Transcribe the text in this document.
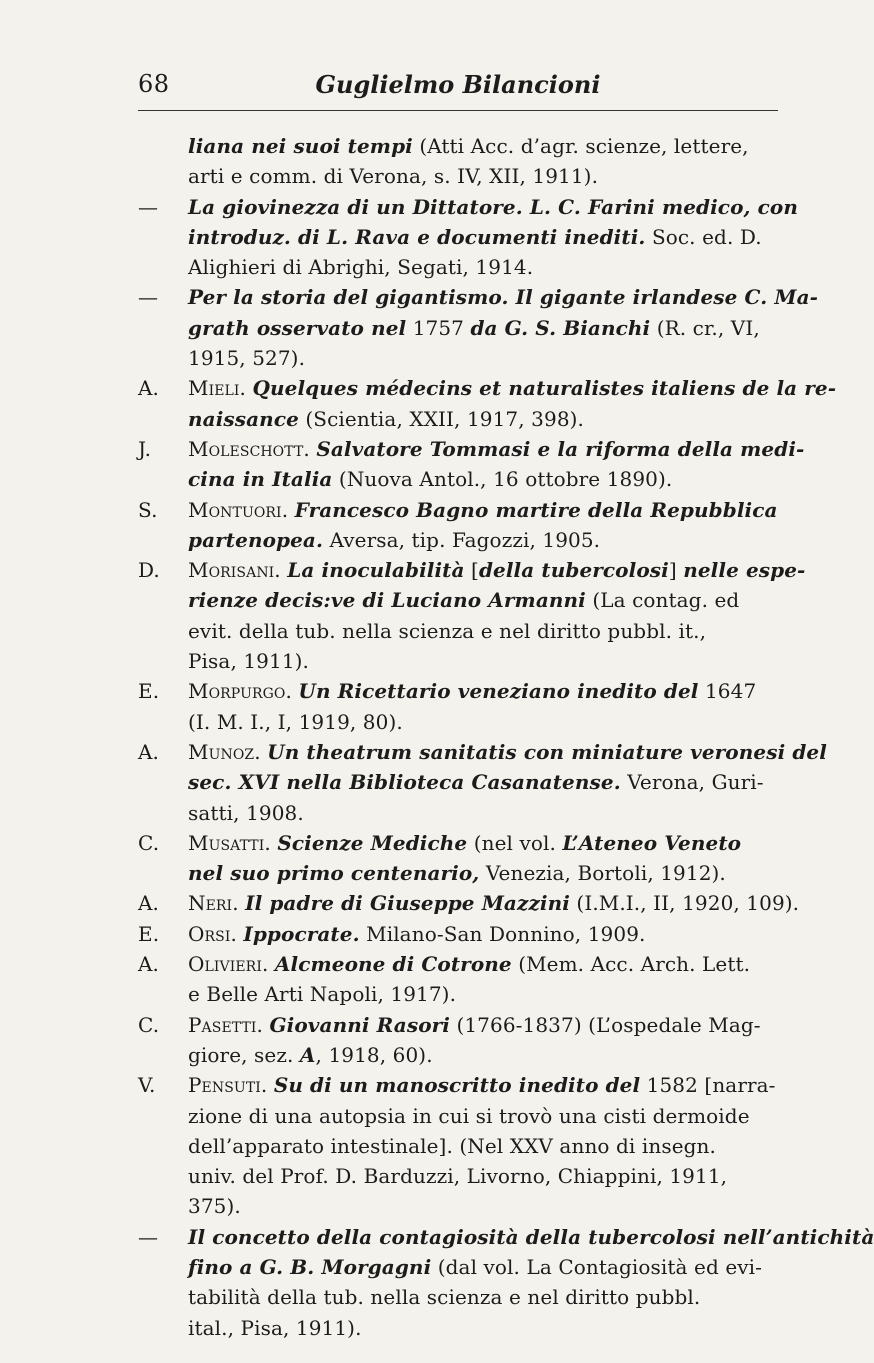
68	Guglielmo Bilancioni
liana nei suoi tempi (Atti Acc. d’agr. scienze, lettere,
arti e comm. di Verona, s. IV, XII, 1911).
—	La giovinezza di un Dittatore. L. C. Farini medico, con
introduz. di L. Rava e documenti inediti. Soc. ed. D.
Alighieri di Abrighi, Segati, 1914.
—	Per la storia del gigantismo. Il gigante irlandese C. Ma-
grath osservato nel 1757 da G. S. Bianchi (R. cr., VI,
1915, 527).
A.	Mieli. Quelques médecins et naturalistes italiens de la re-
naissance (Scientia, XXII, 1917, 398).
J.	Moleschott. Salvatore Tommasi e la riforma della medi-
cina in Italia (Nuova Antol., 16 ottobre 1890).
S.	Montuori. Francesco Bagno martire della Repubblica
partenopea. Aversa, tip. Fagozzi, 1905.
D.	Morisani. La inoculabilità [della tubercolosi] nelle espe-
rienze decis:ve di Luciano Armanni (La contag. ed
evit. della tub. nella scienza e nel diritto pubbl. it.,
Pisa, 1911).
E.	Morpurgo. Un Ricettario veneziano inedito del 1647
(I. M. I., I, 1919, 80).
A.	Munoz. Un theatrum sanitatis con miniature veronesi del
sec. XVI nella Biblioteca Casanatense. Verona, Guri-
satti, 1908.
C.	Musatti. Scienze Mediche (nel vol. L’Ateneo Veneto
nel suo primo centenario, Venezia, Bortoli, 1912).
A.	Neri. Il padre di Giuseppe Mazzini (I.M.I., II, 1920, 109).
E.	Orsi. Ippocrate. Milano-San Donnino, 1909.
A.	Olivieri. Alcmeone di Cotrone (Mem. Acc. Arch. Lett.
e Belle Arti Napoli, 1917).
C.	Pasetti. Giovanni Rasori (1766-1837) (L’ospedale Mag-
giore, sez. A, 1918, 60).
V.	Pensuti. Su di un manoscritto inedito del 1582 [narra-
zione di una autopsia in cui si trovò una cisti dermoide
dell’apparato intestinale]. (Nel XXV anno di insegn.
univ. del Prof. D. Barduzzi, Livorno, Chiappini, 1911,
375).
—	Il concetto della contagiosità della tubercolosi nell’antichità
fino a G. B. Morgagni (dal vol. La Contagiosità ed evi-
tabilità della tub. nella scienza e nel diritto pubbl.
ital., Pisa, 1911).
